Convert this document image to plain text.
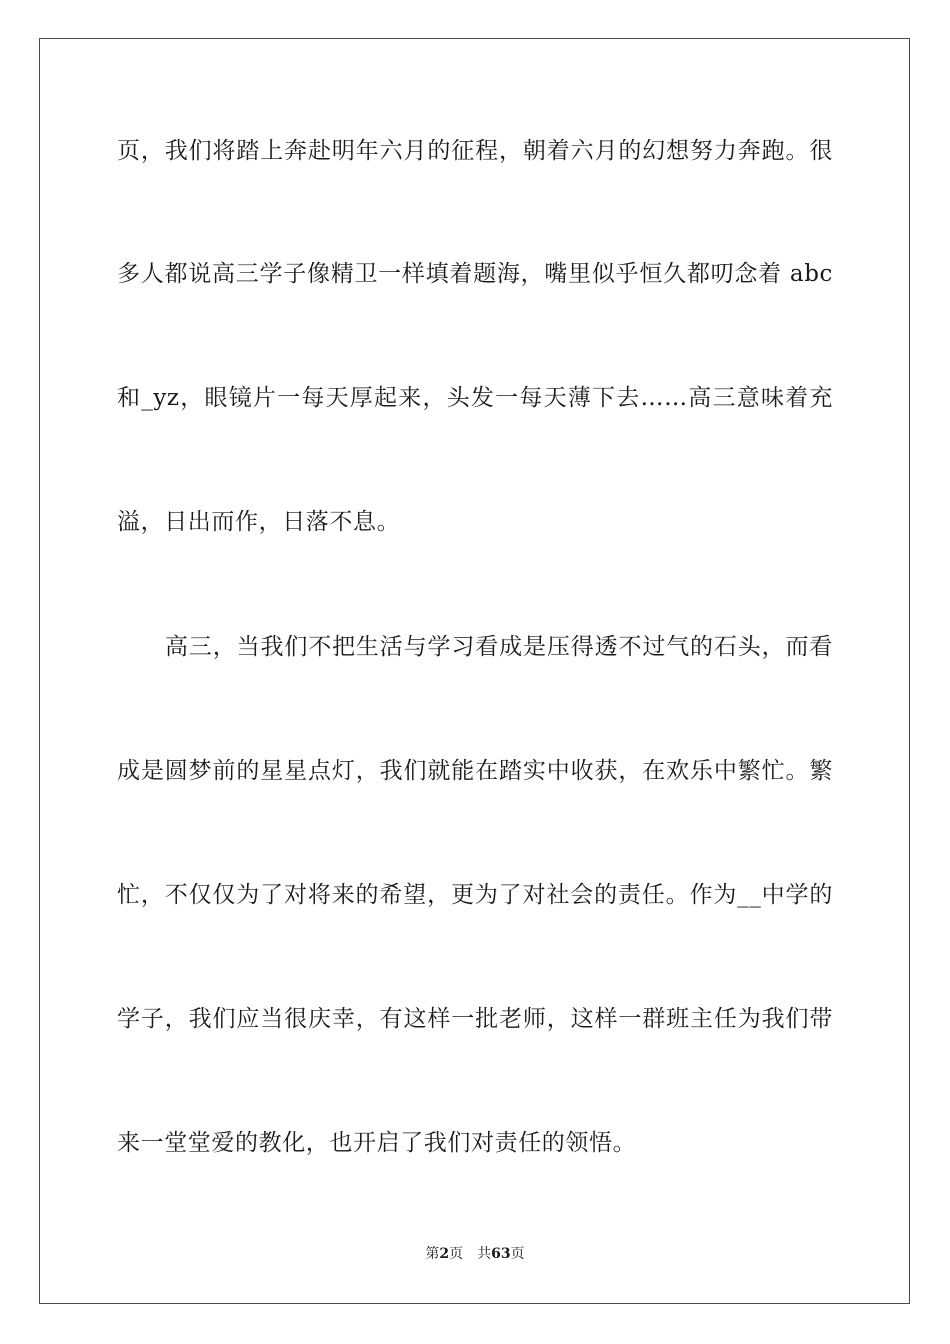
页，我们将踏上奔赴明年六月的征程，朝着六月的幻想努力奔跑。很
多人都说高三学子像精卫一样填着题海，嘴里似乎恒久都叨念着 abc
和_yz，眼镜片一每天厚起来，头发一每天薄下去……高三意味着充
溢，日出而作，日落不息。
高三，当我们不把生活与学习看成是压得透不过气的石头，而看
成是圆梦前的星星点灯，我们就能在踏实中收获，在欢乐中繁忙。繁
忙，不仅仅为了对将来的希望，更为了对社会的责任。作为__中学的
学子，我们应当很庆幸，有这样一批老师，这样一群班主任为我们带
来一堂堂爱的教化，也开启了我们对责任的领悟。
第2页 共63页
